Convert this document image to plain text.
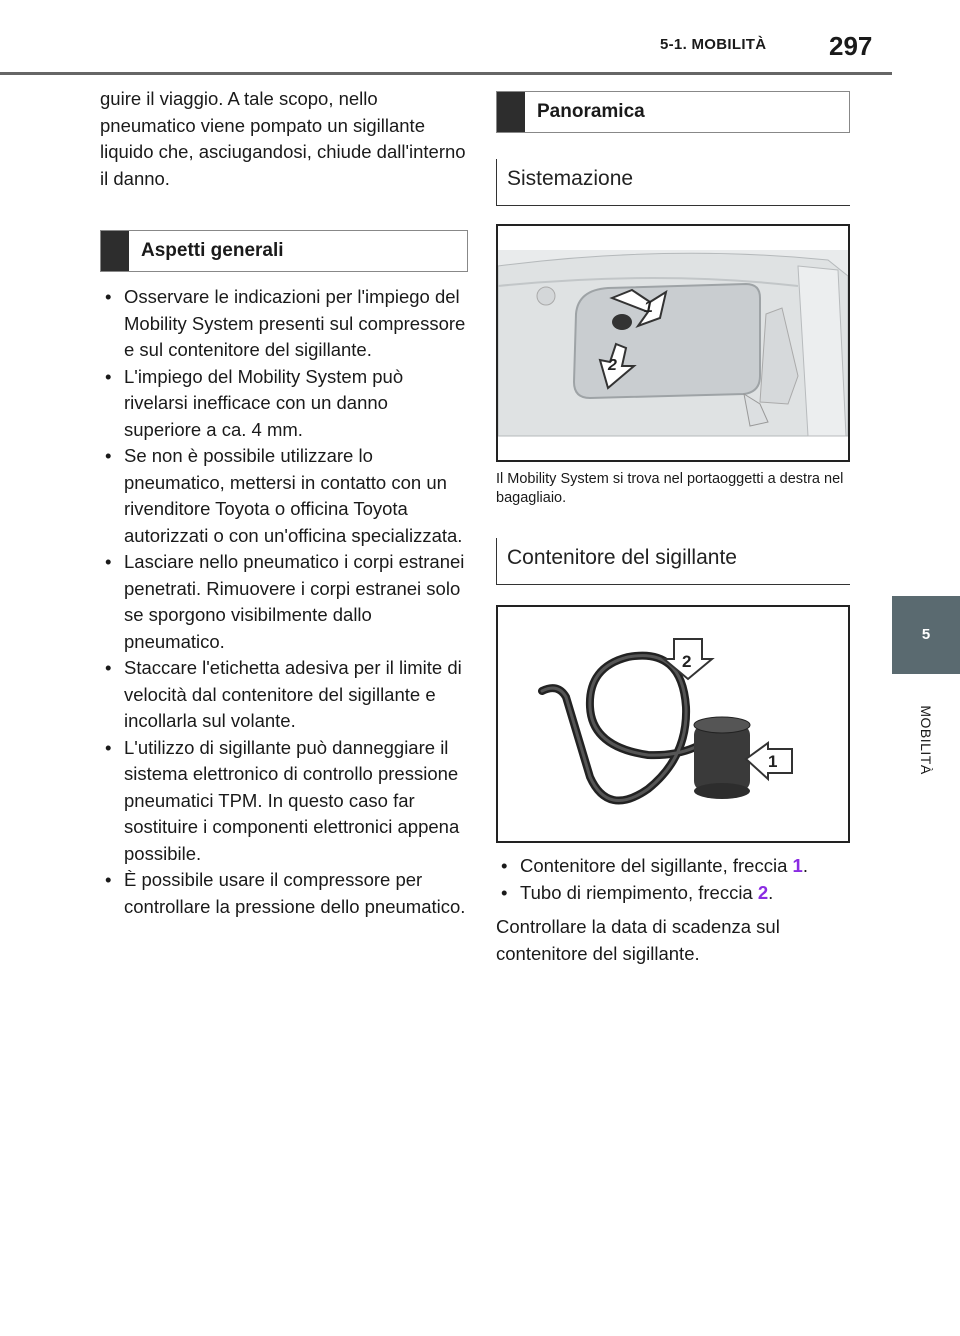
5-1. MOBILITÀ 297
5
MOBILITÀ

guire il viaggio. A tale scopo, nello pneumatico viene pompato un sigillante liquido che, asciugandosi, chiude dall'interno il danno.

Aspetti generali
• Osservare le indicazioni per l'impiego del Mobility System presenti sul compressore e sul contenitore del sigillante.
• L'impiego del Mobility System può rivelarsi inefficace con un danno superiore a ca. 4 mm.
• Se non è possibile utilizzare lo pneumatico, mettersi in contatto con un rivenditore Toyota o officina Toyota autorizzati o con un'officina specializzata.
• Lasciare nello pneumatico i corpi estranei penetrati. Rimuovere i corpi estranei solo se sporgono visibilmente dallo pneumatico.
• Staccare l'etichetta adesiva per il limite di velocità dal contenitore del sigillante e incollarla sul volante.
• L'utilizzo di sigillante può danneggiare il sistema elettronico di controllo pressione pneumatici TPM. In questo caso far sostituire i componenti elettronici appena possibile.
• È possibile usare il compressore per controllare la pressione dello pneumatico.
Panoramica
Sistemazione
1
2
Il Mobility System si trova nel portaoggetti a destra nel bagagliaio.
Contenitore del sigillante
2
1
• Contenitore del sigillante, freccia 1.
• Tubo di riempimento, freccia 2.

Controllare la data di scadenza sul contenitore del sigillante.
